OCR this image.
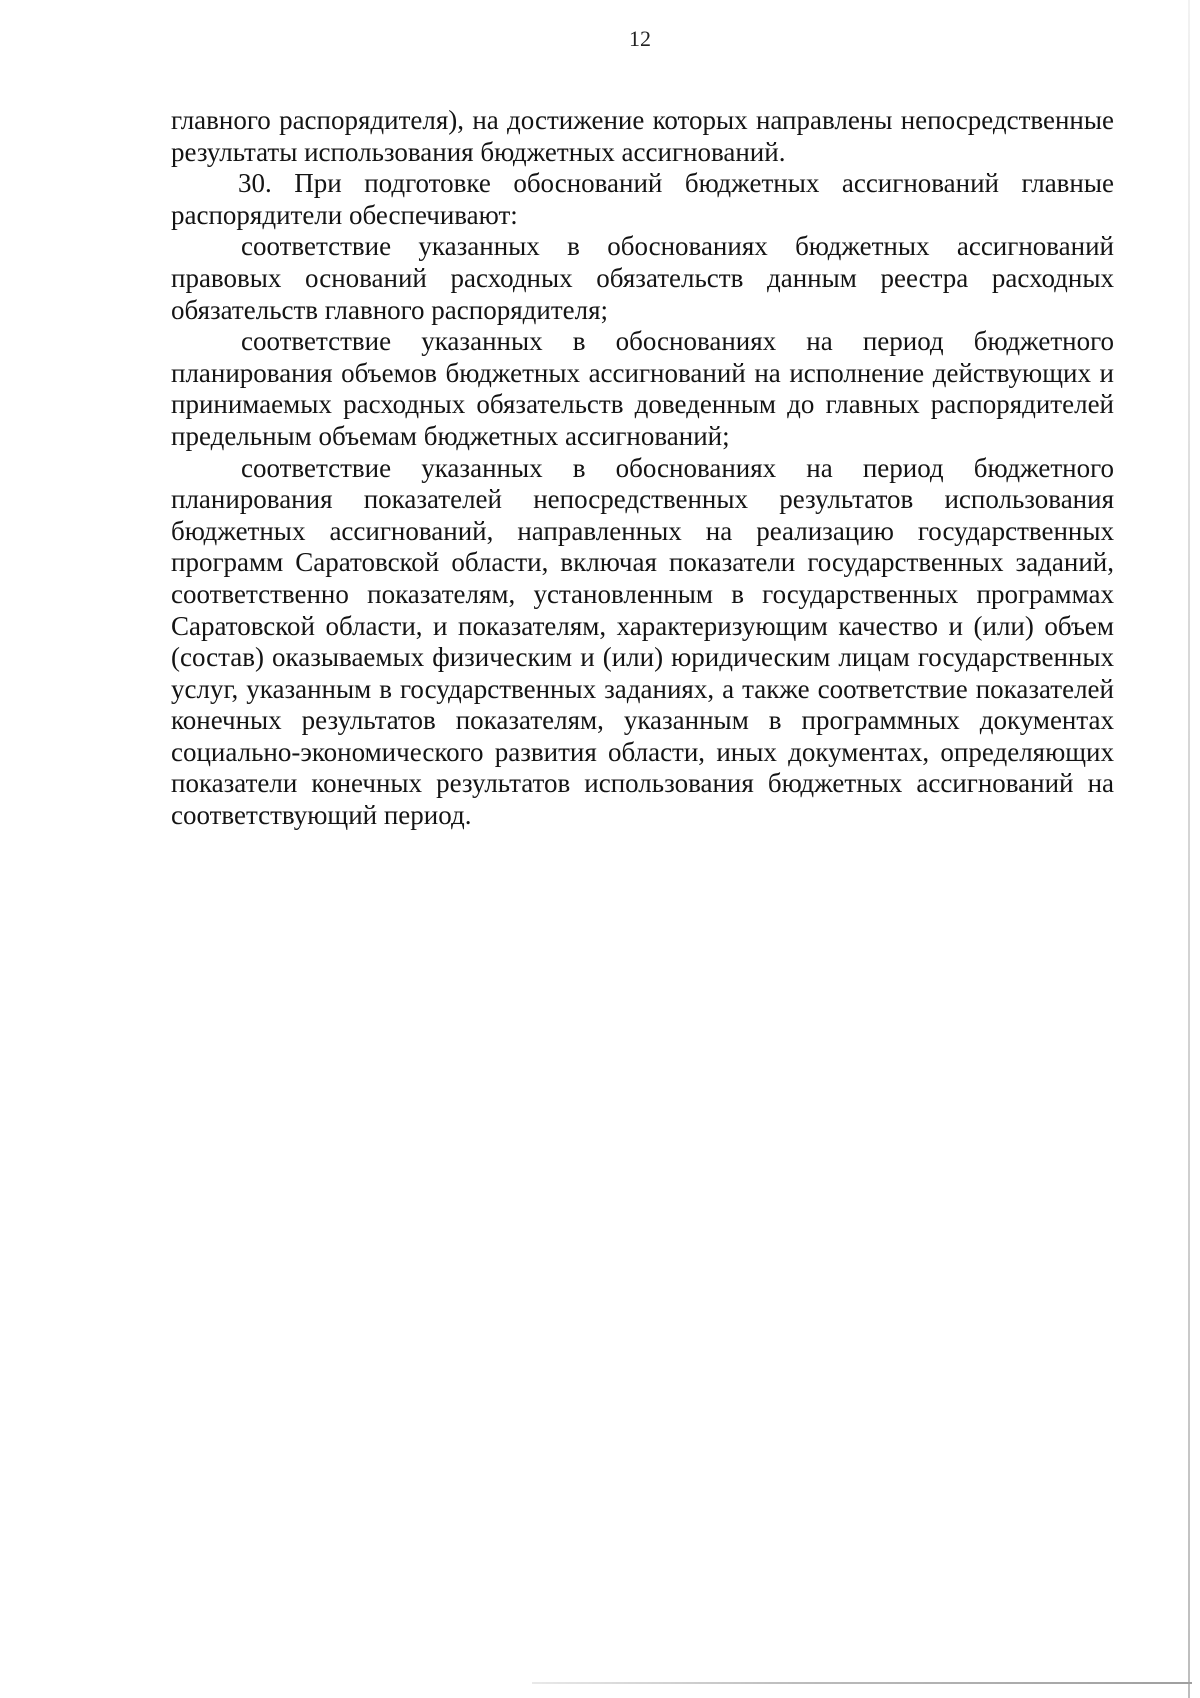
12

главного распорядителя), на достижение которых направлены непосредственные результаты использования бюджетных ассигнований.

30. При подготовке обоснований бюджетных ассигнований главные распорядители обеспечивают:

соответствие указанных в обоснованиях бюджетных ассигнований правовых оснований расходных обязательств данным реестра расходных обязательств главного распорядителя;

соответствие указанных в обоснованиях на период бюджетного планирования объемов бюджетных ассигнований на исполнение действующих и принимаемых расходных обязательств доведенным до главных распорядителей предельным объемам бюджетных ассигнований;

соответствие указанных в обоснованиях на период бюджетного планирования показателей непосредственных результатов использования бюджетных ассигнований, направленных на реализацию государственных программ Саратовской области, включая показатели государственных заданий, соответственно показателям, установленным в государственных программах Саратовской области, и показателям, характеризующим качество и (или) объем (состав) оказываемых физическим и (или) юридическим лицам государственных услуг, указанным в государственных заданиях, а также соответствие показателей конечных результатов показателям, указанным в программных документах социально-экономического развития области, иных документах, определяющих показатели конечных результатов использования бюджетных ассигнований на соответствующий период.
